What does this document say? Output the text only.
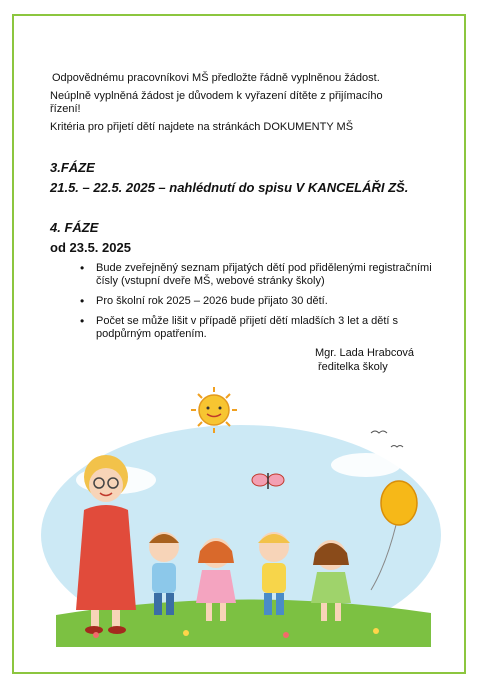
Odpovědnému pracovníkovi MŠ předložte řádně vyplněnou žádost.
Neúplně vyplněná žádost je důvodem k vyřazení dítěte z přijímacího
řízení!
Kritéria pro přijetí dětí najdete na stránkách DOKUMENTY MŠ
3.FÁZE
21.5. – 22.5. 2025 – nahlédnutí do spisu V KANCELÁŘI ZŠ.
4. FÁZE
od 23.5. 2025
• Bude zveřejněný seznam přijatých dětí pod přidělenými registračními čísly (vstupní dveře MŠ, webové stránky školy)
• Pro školní rok 2025 – 2026 bude přijato 30 dětí.
• Počet se může lišit v případě přijetí dětí mladších 3 let a dětí s podpůrným opatřením.
Mgr. Lada Hrabcová
ředitelka školy
